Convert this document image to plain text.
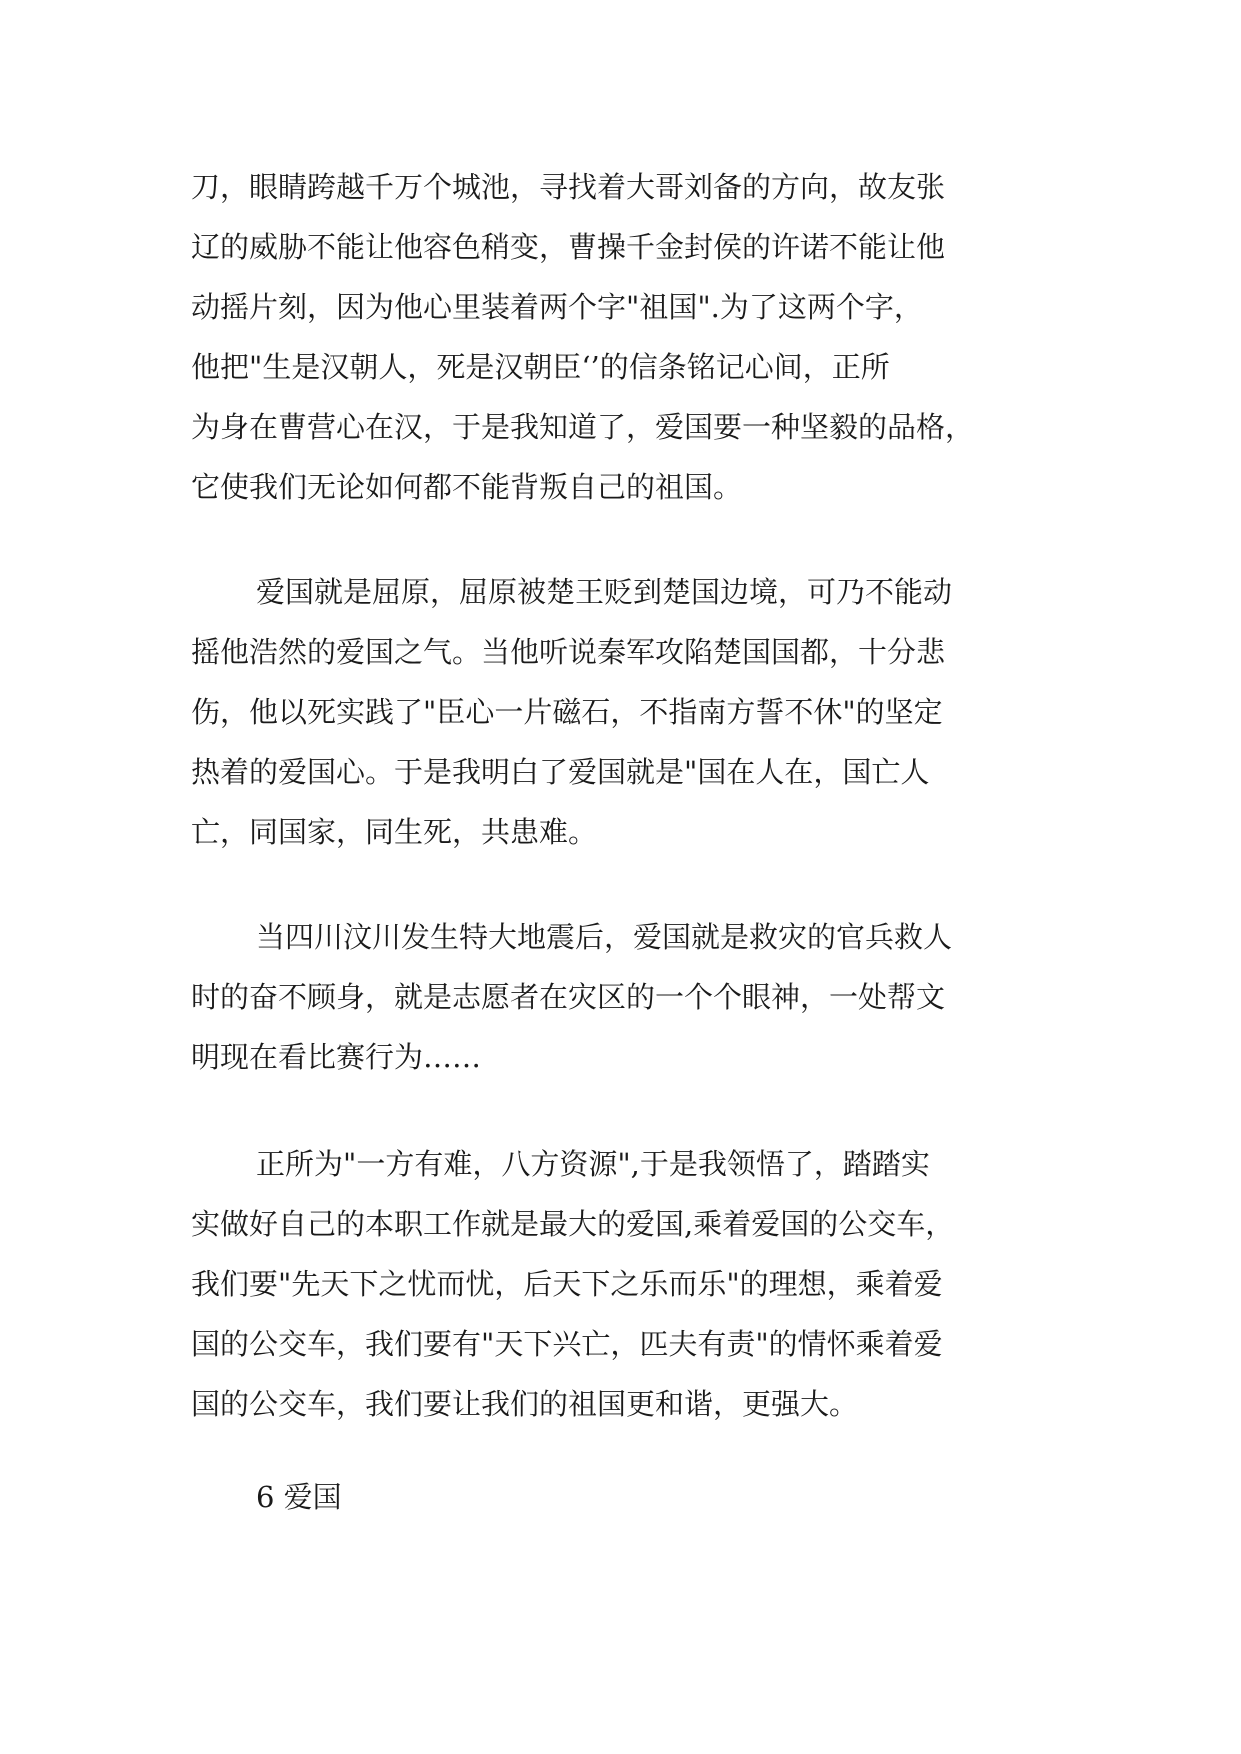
刀，眼睛跨越千万个城池，寻找着大哥刘备的方向，故友张
辽的威胁不能让他容色稍变，曹操千金封侯的许诺不能让他
动摇片刻，因为他心里装着两个字"祖国".为了这两个字，
他把"生是汉朝人，死是汉朝臣‘’的信条铭记心间，正所
为身在曹营心在汉，于是我知道了，爱国要一种坚毅的品格，
它使我们无论如何都不能背叛自己的祖国。
爱国就是屈原，屈原被楚王贬到楚国边境，可乃不能动
摇他浩然的爱国之气。当他听说秦军攻陷楚国国都，十分悲
伤，他以死实践了"臣心一片磁石，不指南方誓不休"的坚定
热着的爱国心。于是我明白了爱国就是"国在人在，国亡人
亡，同国家，同生死，共患难。
当四川汶川发生特大地震后，爱国就是救灾的官兵救人
时的奋不顾身，就是志愿者在灾区的一个个眼神，一处帮文
明现在看比赛行为……
正所为"一方有难，八方资源",于是我领悟了，踏踏实
实做好自己的本职工作就是最大的爱国,乘着爱国的公交车，
我们要"先天下之忧而忧，后天下之乐而乐"的理想，乘着爱
国的公交车，我们要有"天下兴亡，匹夫有责"的情怀乘着爱
国的公交车，我们要让我们的祖国更和谐，更强大。
6 爱国
